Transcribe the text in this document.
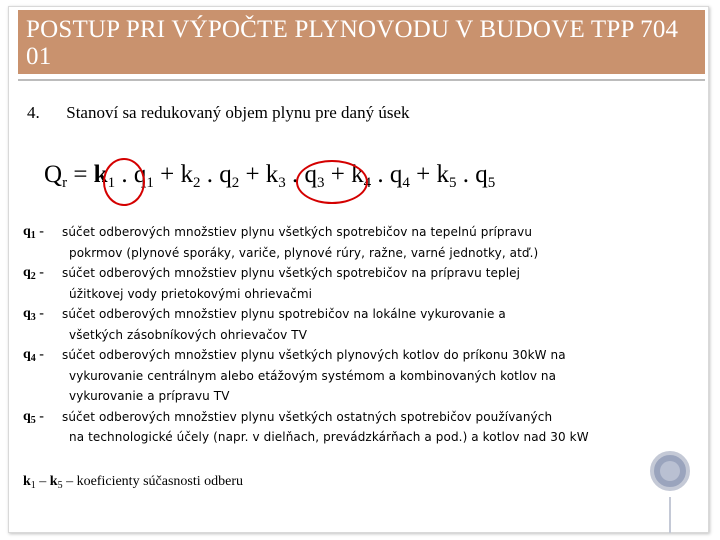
POSTUP PRI VÝPOČTE PLYNOVODU V BUDOVE TPP 704 01
4. Stanoví sa redukovaný objem plynu pre daný úsek
$Q_r = k_1$ . $q_1 + k_2$ . $q_2 + k_3$ . $q_3 + k_4$ . $q_4 + k_5$ . $q_5$
$q_1$ -	súčet odberových množstiev plynu všetkých spotrebičov na tepelnú prípravu
pokrmov (plynové sporáky, variče, plynové rúry, ražne, varné jednotky, atď.)
$q_2$ -	súčet odberových množstiev plynu všetkých spotrebičov na prípravu teplej
úžitkovej vody prietokovými ohrievačmi
$q_3$ -	súčet odberových množstiev plynu spotrebičov na lokálne vykurovanie a
všetkých zásobníkových ohrievačov TV
$q_4$ -	súčet odberových množstiev plynu všetkých plynových kotlov do príkonu 30kW na
vykurovanie centrálnym alebo etážovým systémom a kombinovaných kotlov na
vykurovanie a prípravu TV
$q_5$ -	súčet odberových množstiev plynu všetkých ostatných spotrebičov používaných
na technologické účely (napr. v dielňach, prevádzkárňach a pod.) a kotlov nad 30 kW
$k_1 - k_5$ – koeficienty súčasnosti odberu
